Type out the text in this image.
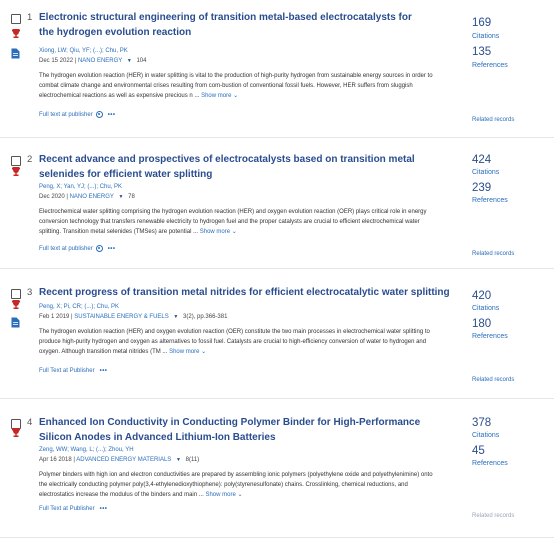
1 Electronic structural engineering of transition metal-based electrocatalysts for the hydrogen evolution reaction
Xiong, LW; Qiu, YF; (...); Chu, PK
Dec 15 2022 | NANO ENERGY ▼ 104
The hydrogen evolution reaction (HER) in water splitting is vital to the production of high-purity hydrogen from sustainable energy sources in order to combat climate change and environmental crises resulting from com-bustion of conventional fossil fuels. However, HER suffers from sluggish electrochemical reactions as well as expensive precious n ... Show more ⌄
Full text at publisher	•••
169
Citations
135
References
Related records
2 Recent advance and prospectives of electrocatalysts based on transition metal selenides for efficient water splitting
Peng, X; Yan, YJ; (...); Chu, PK
Dec 2020 | NANO ENERGY ▼ 78
Electrochemical water splitting comprising the hydrogen evolution reaction (HER) and oxygen evolution reaction (OER) plays critical role in energy conversion technology that transfers renewable electricity to hydrogen fuel and the proper catalysts are crucial to efficient electrochemical water splitting. Transition metal selenides (TMSes) are potential ... Show more ⌄
Full text at publisher	•••
424
Citations
239
References
Related records
3 Recent progress of transition metal nitrides for efficient electrocatalytic water splitting
Peng, X; Pi, CR; (...); Chu, PK
Feb 1 2019 | SUSTAINABLE ENERGY & FUELS ▼ 3(2), pp.366-381
The hydrogen evolution reaction (HER) and oxygen evolution reaction (OER) constitute the two main processes in electrochemical water splitting to produce high-purity hydrogen and oxygen as alternatives to fossil fuel. Catalysts are crucial to high-efficiency conversion of water to hydrogen and oxygen. Although transition metal nitrides (TM ... Show more ⌄
Full Text at Publisher •••
420
Citations
180
References
Related records
4 Enhanced Ion Conductivity in Conducting Polymer Binder for High-Performance Silicon Anodes in Advanced Lithium-Ion Batteries
Zeng, WW; Wang, L; (...); Zhou, YH
Apr 16 2018 | ADVANCED ENERGY MATERIALS ▼ 8(11)
Polymer binders with high ion and electron conductivities are prepared by assembling ionic polymers (polyethylene oxide and polyethylenimine) onto the electrically conducting polymer poly(3,4-ethylenedioxythiophene): poly(styrenesulfonate) chains. Crosslinking, chemical reductions, and electrostatics increase the modulus of the binders and main ... Show more ⌄
Full Text at Publisher •••
378
Citations
45
References
Related records
